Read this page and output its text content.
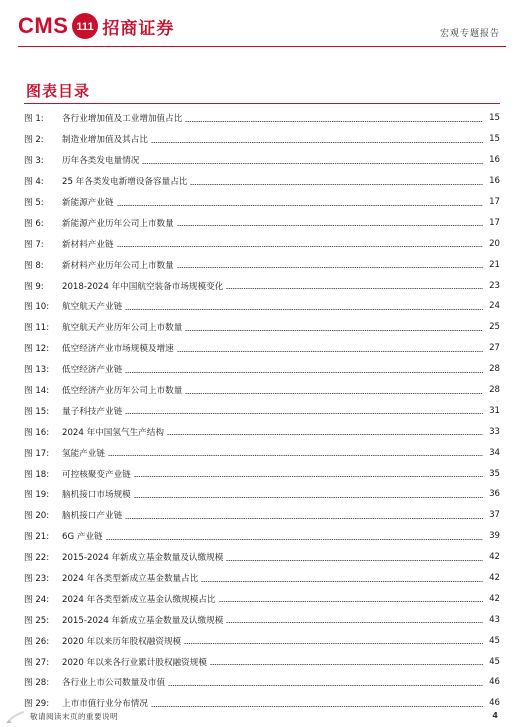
CMS 111 招商证券	宏观专题报告
图表目录
图 1:	各行业增加值及工业增加值占比	15
图 2:	制造业增加值及其占比	15
图 3:	历年各类发电量情况	16
图 4:	25 年各类发电新增设备容量占比	16
图 5:	新能源产业链	17
图 6:	新能源产业历年公司上市数量	17
图 7:	新材料产业链	20
图 8:	新材料产业历年公司上市数量	21
图 9:	2018-2024 年中国航空装备市场规模变化	23
图 10:	航空航天产业链	24
图 11:	航空航天产业历年公司上市数量	25
图 12:	低空经济产业市场规模及增速	27
图 13:	低空经济产业链	28
图 14:	低空经济产业历年公司上市数量	28
图 15:	量子科技产业链	31
图 16:	2024 年中国氢气生产结构	33
图 17:	氢能产业链	34
图 18:	可控核聚变产业链	35
图 19:	脑机接口市场规模	36
图 20:	脑机接口产业链	37
图 21:	6G 产业链	39
图 22:	2015-2024 年新成立基金数量及认缴规模	42
图 23:	2024 年各类型新成立基金数量占比	42
图 24:	2024 年各类型新成立基金认缴规模占比	42
图 25:	2015-2024 年新成立基金数量及认缴规模	43
图 26:	2020 年以来历年股权融资规模	45
图 27:	2020 年以来各行业累计股权融资规模	45
图 28:	各行业上市公司数量及市值	46
图 29:	上市市值行业分布情况	46
敬请阅读末页的重要说明	4
